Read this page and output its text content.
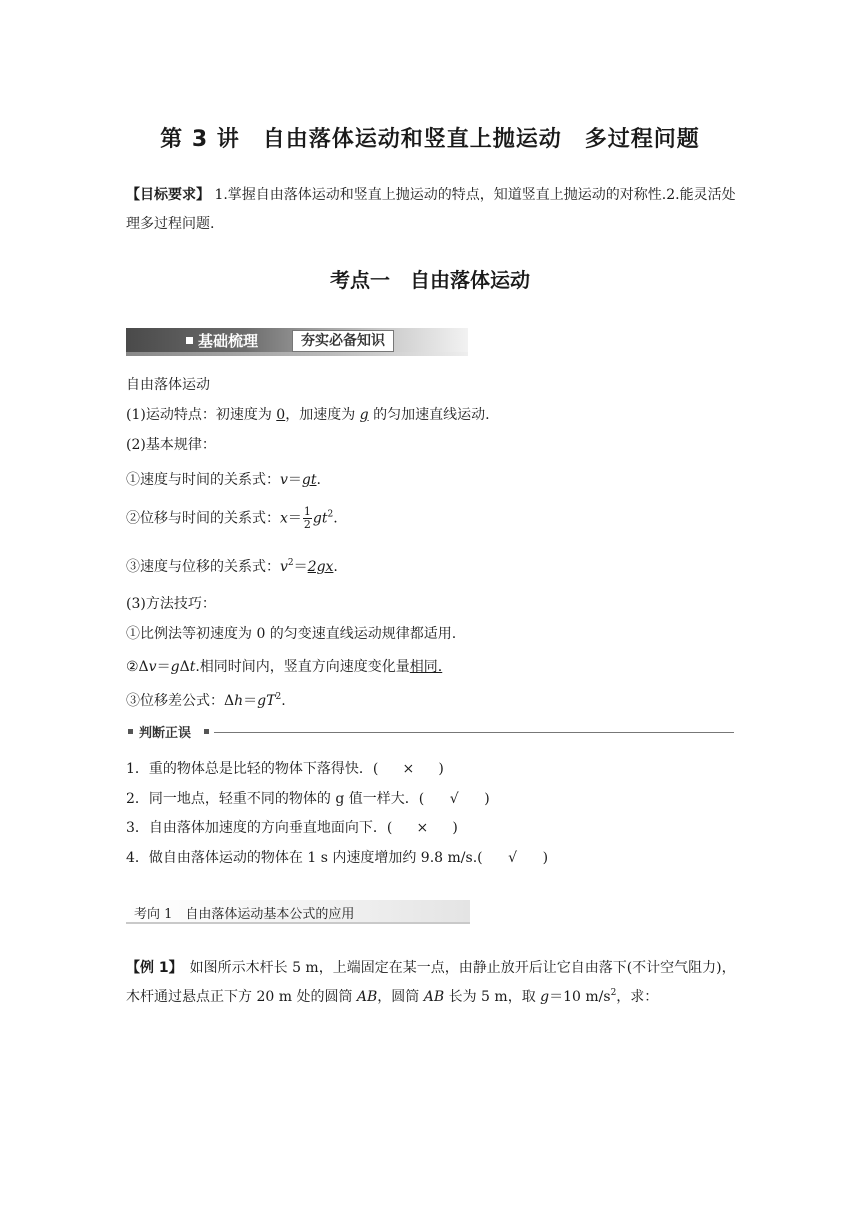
第 3 讲　自由落体运动和竖直上抛运动　多过程问题
【目标要求】 1.掌握自由落体运动和竖直上抛运动的特点，知道竖直上抛运动的对称性.2.能灵活处理多过程问题.
考点一　自由落体运动
基础梳理	夯实必备知识
自由落体运动
(1)运动特点：初速度为 0，加速度为 g 的匀加速直线运动.
(2)基本规律：
①速度与时间的关系式：v＝gt.
②位移与时间的关系式：$x= \frac{1}{2} gt^2$.
③速度与位移的关系式：$v^2=2gx$.
(3)方法技巧：
①比例法等初速度为 0 的匀变速直线运动规律都适用.
②Δv＝gΔt.相同时间内，竖直方向速度变化量相同.
③位移差公式：$\Delta h=gT^2$.
判断正误
1．重的物体总是比轻的物体下落得快．( × )
2．同一地点，轻重不同的物体的 g 值一样大．( √ )
3．自由落体加速度的方向垂直地面向下．( × )
4．做自由落体运动的物体在 1 s 内速度增加约 9.8 m/s.( √ )
考向 1　自由落体运动基本公式的应用
【例 1】　如图所示木杆长 5 m，上端固定在某一点，由静止放开后让它自由落下(不计空气阻力)，木杆通过悬点正下方 20 m 处的圆筒 AB，圆筒 AB 长为 5 m，取 g＝10 $m/s^2$，求：
